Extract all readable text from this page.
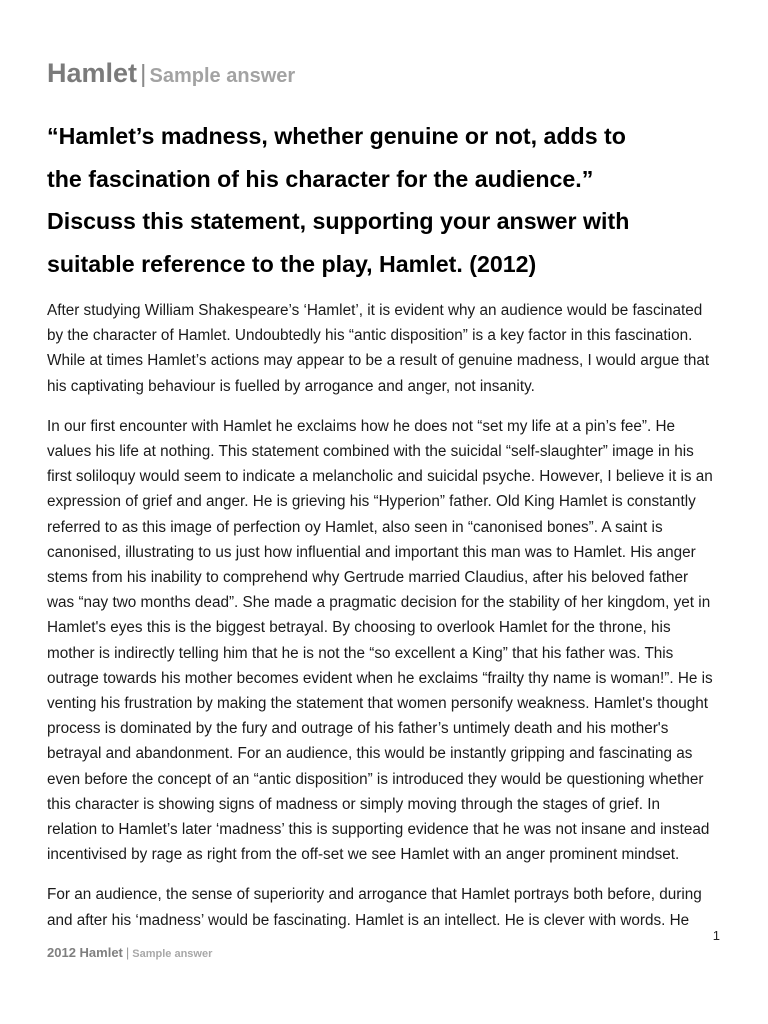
Hamlet | Sample answer
“Hamlet’s madness, whether genuine or not, adds to
the fascination of his character for the audience.”
Discuss this statement, supporting your answer with
suitable reference to the play, Hamlet. (2012)

After studying William Shakespeare’s ‘Hamlet’, it is evident why an audience would be fascinated
by the character of Hamlet. Undoubtedly his “antic disposition” is a key factor in this fascination.
While at times Hamlet’s actions may appear to be a result of genuine madness, I would argue that
his captivating behaviour is fuelled by arrogance and anger, not insanity.

In our first encounter with Hamlet he exclaims how he does not “set my life at a pin’s fee”. He
values his life at nothing. This statement combined with the suicidal “self-slaughter” image in his
first soliloquy would seem to indicate a melancholic and suicidal psyche. However, I believe it is an
expression of grief and anger. He is grieving his “Hyperion” father. Old King Hamlet is constantly
referred to as this image of perfection oy Hamlet, also seen in “canonised bones”. A saint is
canonised, illustrating to us just how influential and important this man was to Hamlet. His anger
stems from his inability to comprehend why Gertrude married Claudius, after his beloved father
was “nay two months dead”. She made a pragmatic decision for the stability of her kingdom, yet in
Hamlet's eyes this is the biggest betrayal. By choosing to overlook Hamlet for the throne, his
mother is indirectly telling him that he is not the “so excellent a King” that his father was. This
outrage towards his mother becomes evident when he exclaims “frailty thy name is woman!”. He is
venting his frustration by making the statement that women personify weakness. Hamlet's thought
process is dominated by the fury and outrage of his father’s untimely death and his mother's
betrayal and abandonment. For an audience, this would be instantly gripping and fascinating as
even before the concept of an “antic disposition” is introduced they would be questioning whether
this character is showing signs of madness or simply moving through the stages of grief. In
relation to Hamlet’s later ‘madness’ this is supporting evidence that he was not insane and instead
incentivised by rage as right from the off-set we see Hamlet with an anger prominent mindset.

For an audience, the sense of superiority and arrogance that Hamlet portrays both before, during
and after his ‘madness’ would be fascinating. Hamlet is an intellect. He is clever with words. He

1
2012 Hamlet | Sample answer
